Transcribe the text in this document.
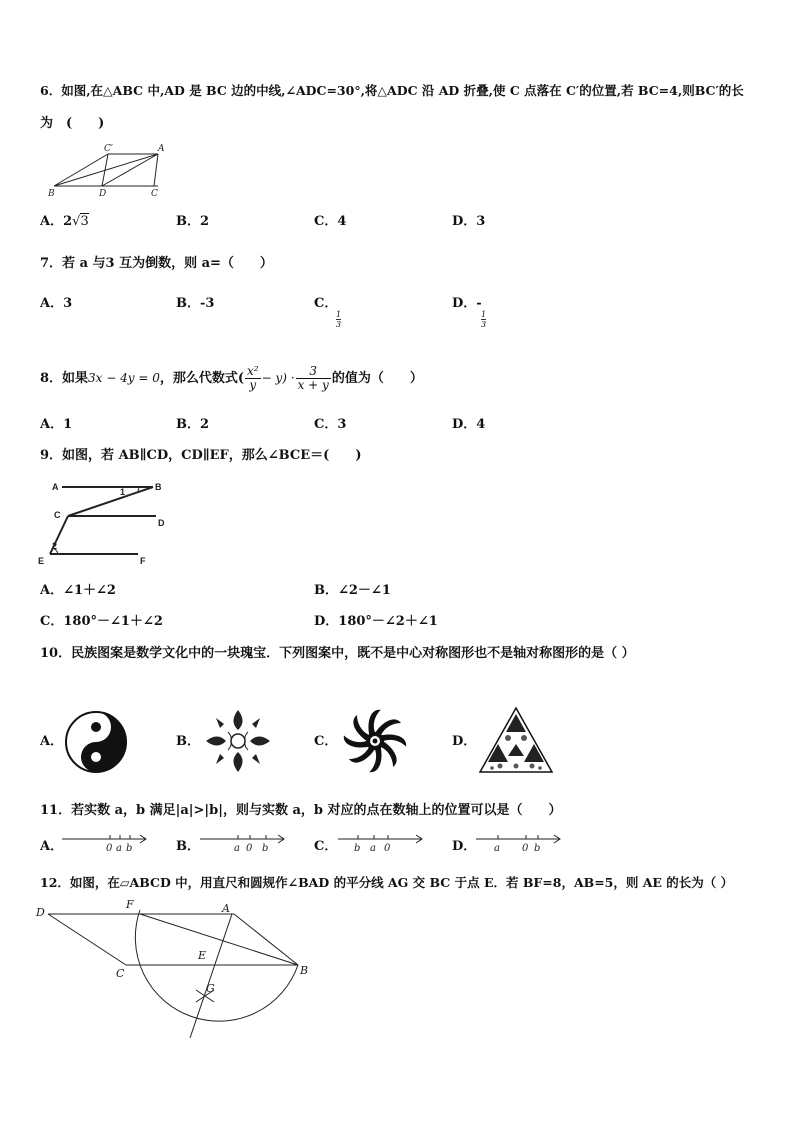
6．如图,在△ABC 中,AD 是 BC 边的中线,∠ADC=30°,将△ADC 沿 AD 折叠,使 C 点落在 C′的位置,若 BC=4,则BC′的长
为　(　　)
C′	A
B	D	C
A．2√3	B．2	C．4	D．3
7．若 a 与3 互为倒数，则 a=（　　）
A．3	B．-3	C．
$\frac{1}{3}$
D．-
$\frac{1}{3}$
8．如果3x − 4y = 0，那么代数式( $\frac{\text{x²}}{y} - y) \cdot \frac{3}{x + y}$ 的值为（　　）
A．1	B．2	C．3	D．4
9．如图，若 AB∥CD，CD∥EF，那么∠BCE＝(　　)
A	B
C
D
E	F
1
2
A．∠1＋∠2	B．∠2－∠1
C．180°－∠1＋∠2	D．180°－∠2＋∠1
10．民族图案是数学文化中的一块瑰宝．下列图案中，既不是中心对称图形也不是轴对称图形的是（ ）
A．	B．	C．	D．
11．若实数 a，b 满足|a|>|b|，则与实数 a，b 对应的点在数轴上的位置可以是（　　）
A．	0 a b	B．	a 0 b	C． b a 0	D． a 0 b
12．如图，在▱ABCD 中，用直尺和圆规作∠BAD 的平分线 AG 交 BC 于点 E．若 BF=8，AB=5，则 AE 的长为（ ）
D
F	A
E
C	B
G
